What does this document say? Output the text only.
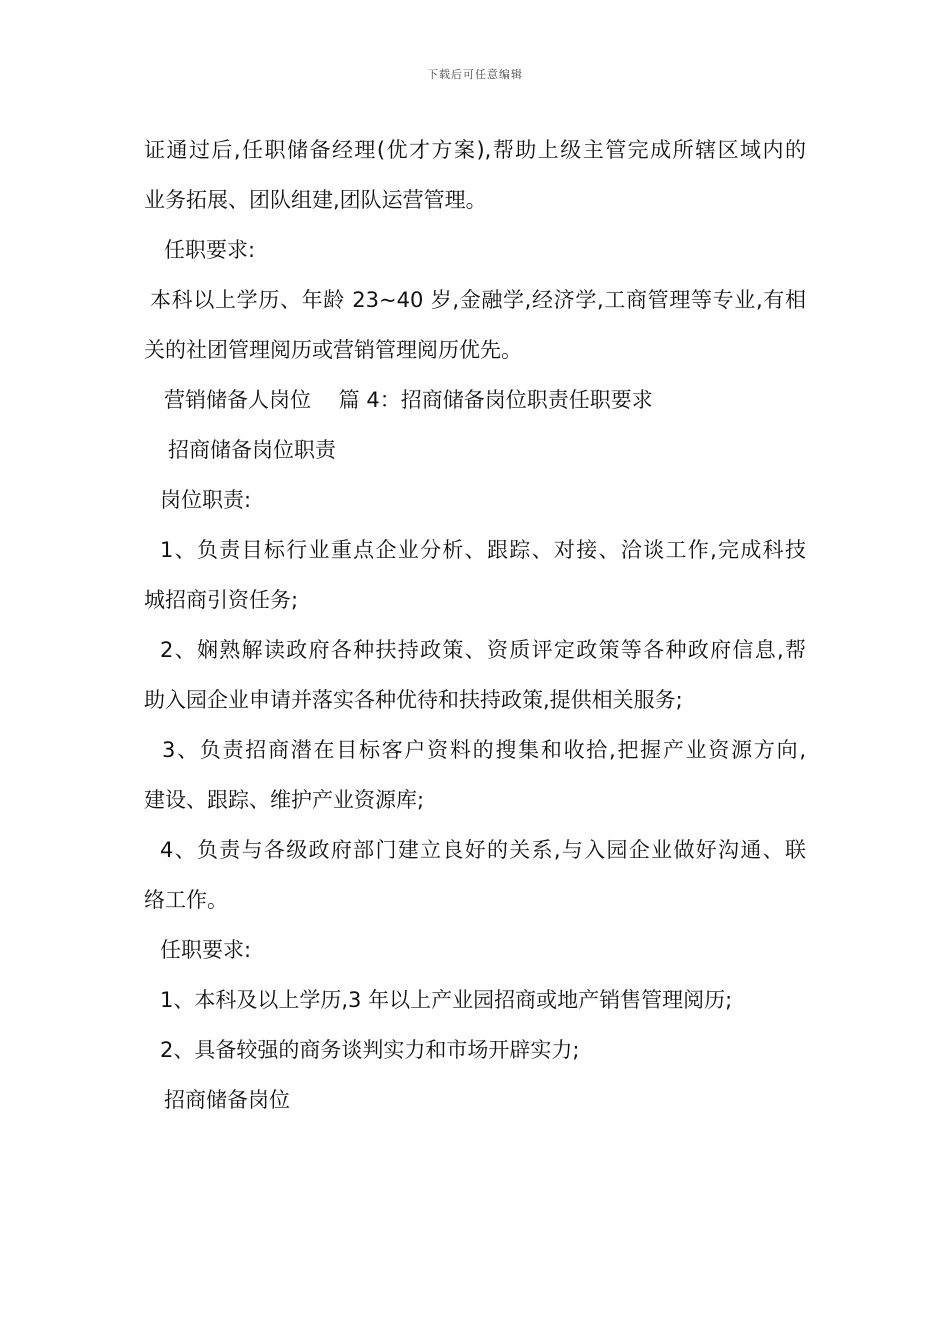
下载后可任意编辑
证通过后,任职储备经理(优才方案),帮助上级主管完成所辖区域内的
业务拓展、团队组建,团队运营管理。
任职要求:
本科以上学历、年龄 23~40 岁,金融学,经济学,工商管理等专业,有相
关的社团管理阅历或营销管理阅历优先。
营销储备人岗位　 篇 4：招商储备岗位职责任职要求
招商储备岗位职责
岗位职责:
1、负责目标行业重点企业分析、跟踪、对接、洽谈工作,完成科技
城招商引资任务;
2、娴熟解读政府各种扶持政策、资质评定政策等各种政府信息,帮
助入园企业申请并落实各种优待和扶持政策,提供相关服务;
3、负责招商潜在目标客户资料的搜集和收拾,把握产业资源方向,
建设、跟踪、维护产业资源库;
4、负责与各级政府部门建立良好的关系,与入园企业做好沟通、联
络工作。
任职要求:
1、本科及以上学历,3 年以上产业园招商或地产销售管理阅历;
2、具备较强的商务谈判实力和市场开辟实力;
招商储备岗位
